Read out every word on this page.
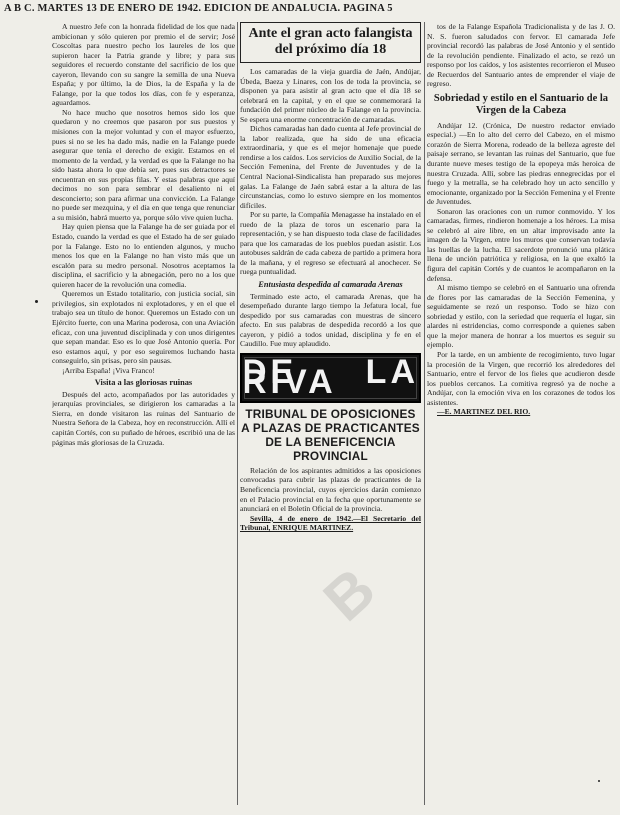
A B C. MARTES 13 DE ENERO DE 1942. EDICION DE ANDALUCIA. PAGINA 5

A nuestro Jefe con la honrada fidelidad de los que nada ambicionan y sólo quieren por premio el de servir; José Coscoltas para nuestro pecho los laureles de los que supieron hacer la Patria grande y libre; y para sus seguidores el recuerdo constante del sacrificio de los que cayeron, llevando con su sangre la semilla de una Nueva España; y por último, la de Dios, la de España y la de Falange, por la que todos los días, con fe y esperanza, aguardamos.

No hace mucho que nosotros hemos sido los que quedaron y no creemos que pasaron por sus puestos y misiones con la mejor voluntad y con el mayor esfuerzo, pues si no se les ha dado más, nadie en la Falange puede asegurar que tenía el derecho de exigir. Estamos en el momento de la verdad, y la verdad es que la Falange no ha sido hasta ahora lo que debía ser, pues sus detractores se encuentran en sus propias filas. Y estas palabras que aquí decimos no son para sembrar el desaliento ni el desconcierto; son para afirmar una convicción. La Falange no puede ser mezquina, y el día en que tenga que renunciar a su misión, habrá muerto ya, porque sólo vive quien lucha.

Hay quien piensa que la Falange ha de ser guiada por el Estado, cuando la verdad es que el Estado ha de ser guiado por la Falange. Esto no lo entienden algunos, y mucho menos los que en la Falange no han visto más que un escalón para su medro personal. Nosotros aceptamos la disciplina, el sacrificio y la abnegación, pero no a los que quieren hacer de la revolución una comedia.

Queremos un Estado totalitario, con justicia social, sin privilegios, sin explotados ni explotadores, y en el que el trabajo sea un título de honor. Queremos un Estado con un Ejército fuerte, con una Marina poderosa, con una Aviación eficaz, con una juventud disciplinada y con unos dirigentes que sepan mandar. Eso es lo que José Antonio quería. Por eso estamos aquí, y por eso seguiremos luchando hasta conseguirlo, sin prisas, pero sin pausas.

¡Arriba España! ¡Viva Franco!

Visita a las gloriosas ruinas

Después del acto, acompañados por las autoridades y jerarquías provinciales, se dirigieron los camaradas a la Sierra, en donde visitaron las ruinas del Santuario de Nuestra Señora de la Cabeza, hoy en reconstrucción. Allí el capitán Cortés, con su puñado de héroes, escribió una de las páginas más gloriosas de la Cruzada.

Ante el gran acto falangista del próximo día 18

Los camaradas de la vieja guardia de Jaén, Andújar, Úbeda, Baeza y Linares, con los de toda la provincia, se disponen ya para asistir al gran acto que el día 18 se celebrará en la capital, y en el que se conmemorará la fundación del primer núcleo de la Falange en la provincia. Se espera una enorme concentración de camaradas.

Dichos camaradas han dado cuenta al Jefe provincial de la labor realizada, que ha sido de una eficacia extraordinaria, y que es el mejor homenaje que puede rendirse a los caídos. Los servicios de Auxilio Social, de la Sección Femenina, del Frente de Juventudes y de la Central Nacional-Sindicalista han preparado sus mejores galas. La Falange de Jaén sabrá estar a la altura de las circunstancias, como lo estuvo siempre en los momentos difíciles.

Por su parte, la Compañía Menagasse ha instalado en el ruedo de la plaza de toros un escenario para la representación, y se han dispuesto toda clase de facilidades para que los camaradas de los pueblos puedan asistir. Los autobuses saldrán de cada cabeza de partido a primera hora de la mañana, y el regreso se efectuará al anochecer. Se ruega puntualidad.

Entusiasta despedida al camarada Arenas

Terminado este acto, el camarada Arenas, que ha desempeñado durante largo tiempo la Jefatura local, fue despedido por sus camaradas con muestras de sincero afecto. En sus palabras de despedida recordó a los que cayeron, y pidió a todos unidad, disciplina y fe en el Caudillo. Fue muy aplaudido.

DE LA RIVA
TRIBUNAL DE OPOSICIONES A PLAZAS DE PRACTICANTES DE LA BENEFICENCIA PROVINCIAL

Relación de los aspirantes admitidos a las oposiciones convocadas para cubrir las plazas de practicantes de la Beneficencia provincial, cuyos ejercicios darán comienzo en el Palacio provincial en la fecha que oportunamente se anunciará en el Boletín Oficial de la provincia.

Sevilla, 4 de enero de 1942.—El Secretario del Tribunal, ENRIQUE MARTINEZ.

tos de la Falange Española Tradicionalista y de las J. O. N. S. fueron saludados con fervor. El camarada Jefe provincial recordó las palabras de José Antonio y el sentido de la revolución pendiente. Finalizado el acto, se rezó un responso por los caídos, y los asistentes recorrieron el Museo de Recuerdos del Santuario antes de emprender el viaje de regreso.

Sobriedad y estilo en el Santuario de la Virgen de la Cabeza

Andújar 12. (Crónica, De nuestro redactor enviado especial.) —En lo alto del cerro del Cabezo, en el mismo corazón de Sierra Morena, rodeado de la belleza agreste del paisaje serrano, se levantan las ruinas del Santuario, que fue durante nueve meses testigo de la epopeya más heroica de nuestra Cruzada. Allí, sobre las piedras ennegrecidas por el fuego y la metralla, se ha celebrado hoy un acto sencillo y emocionante, organizado por la Sección Femenina y el Frente de Juventudes.

Sonaron las oraciones con un rumor conmovido. Y los camaradas, firmes, rindieron homenaje a los héroes. La misa se celebró al aire libre, en un altar improvisado ante la imagen de la Virgen, entre los muros que conservan todavía las huellas de la lucha. El sacerdote pronunció una plática llena de unción patriótica y religiosa, en la que exaltó la figura del capitán Cortés y de cuantos le acompañaron en la defensa.

Al mismo tiempo se celebró en el Santuario una ofrenda de flores por las camaradas de la Sección Femenina, y seguidamente se rezó un responso. Todo se hizo con sobriedad y estilo, con la seriedad que requería el lugar, sin alardes ni estridencias, como corresponde a quienes saben que la mejor manera de honrar a los muertos es seguir su ejemplo.

Por la tarde, en un ambiente de recogimiento, tuvo lugar la procesión de la Virgen, que recorrió los alrededores del Santuario, entre el fervor de los fieles que acudieron desde los pueblos cercanos. La comitiva regresó ya de noche a Andújar, con la emoción viva en los corazones de todos los asistentes.

—E. MARTINEZ DEL RIO.

B
